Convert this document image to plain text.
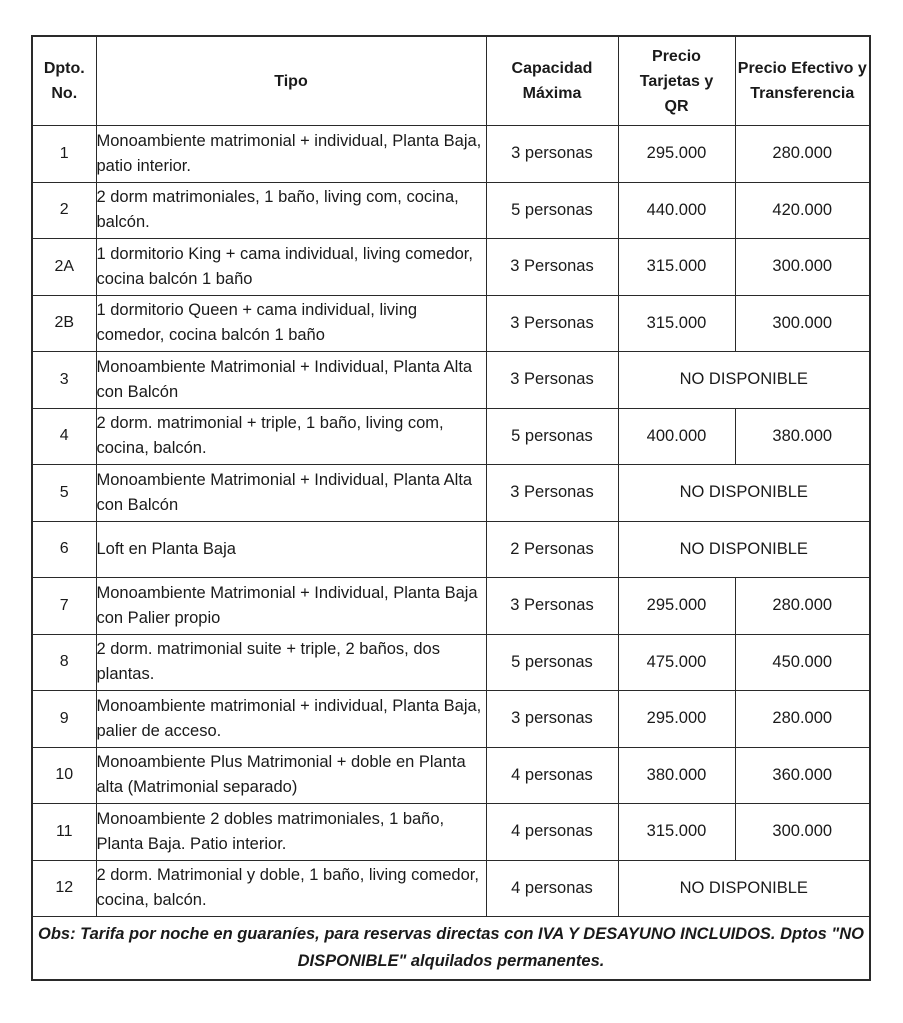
Dpto. No.	Tipo	Capacidad Máxima	Precio Tarjetas y QR	Precio Efectivo y Transferencia
1	Monoambiente matrimonial + individual, Planta Baja, patio interior.	3 personas	295.000	280.000
2	2 dorm matrimoniales, 1 baño, living com, cocina, balcón.	5 personas	440.000	420.000
2A	1 dormitorio King + cama individual, living comedor, cocina balcón 1 baño	3 Personas	315.000	300.000
2B	1 dormitorio Queen + cama individual, living comedor, cocina balcón 1 baño	3 Personas	315.000	300.000
3	Monoambiente Matrimonial + Individual, Planta Alta con Balcón	3 Personas	NO DISPONIBLE	
4	2 dorm. matrimonial + triple, 1 baño, living com, cocina, balcón.	5 personas	400.000	380.000
5	Monoambiente Matrimonial + Individual, Planta Alta con Balcón	3 Personas	NO DISPONIBLE	
6	Loft en Planta Baja	2 Personas	NO DISPONIBLE	
7	Monoambiente Matrimonial + Individual, Planta Baja con Palier propio	3 Personas	295.000	280.000
8	2 dorm. matrimonial suite + triple, 2 baños, dos plantas.	5 personas	475.000	450.000
9	Monoambiente matrimonial + individual, Planta Baja, palier de acceso.	3 personas	295.000	280.000
10	Monoambiente Plus Matrimonial + doble en Planta alta (Matrimonial separado)	4 personas	380.000	360.000
11	Monoambiente 2 dobles matrimoniales, 1 baño, Planta Baja. Patio interior.	4 personas	315.000	300.000
12	2 dorm. Matrimonial y doble, 1 baño, living comedor, cocina, balcón.	4 personas	NO DISPONIBLE	
Obs: Tarifa por noche en guaraníes, para reservas directas con IVA Y DESAYUNO INCLUIDOS. Dptos "NO DISPONIBLE" alquilados permanentes.				
